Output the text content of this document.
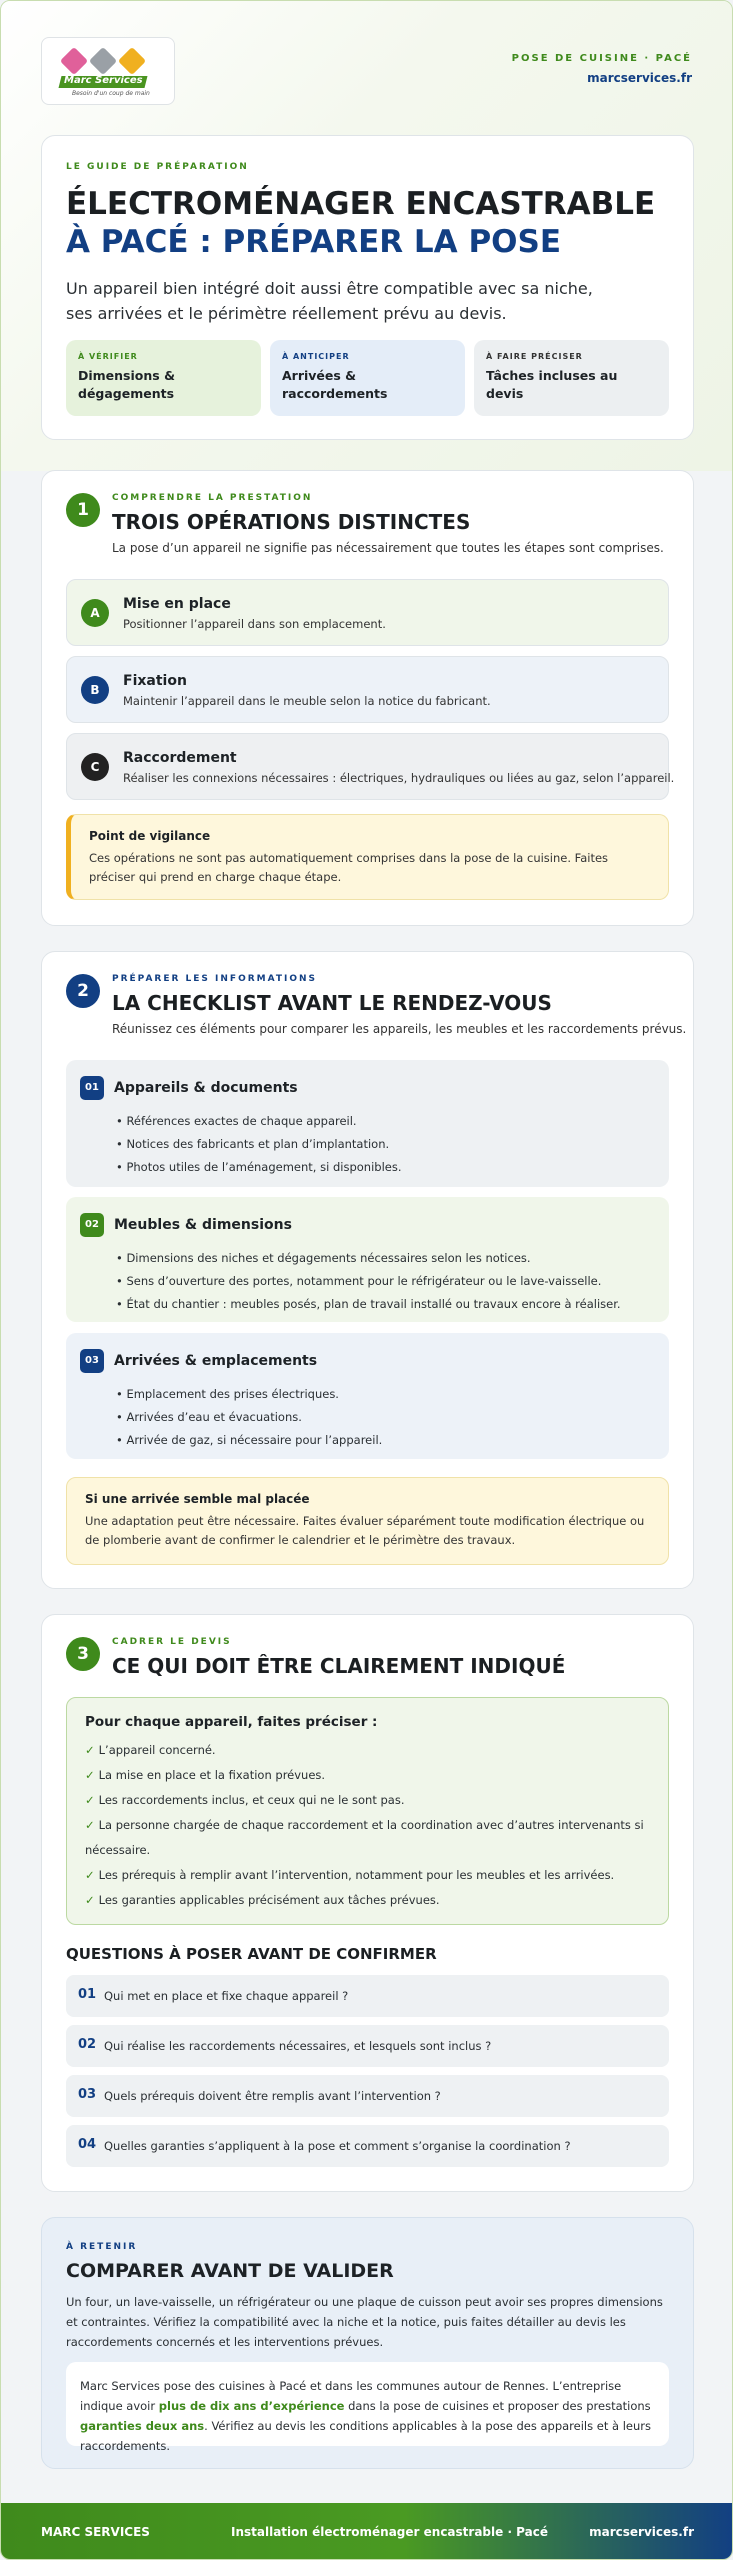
Marc Services
Besoin d'un coup de main
POSE DE CUISINE · PACÉ
marcservices.fr
LE GUIDE DE PRÉPARATION
ÉLECTROMÉNAGER ENCASTRABLE
À PACÉ : PRÉPARER LA POSE
Un appareil bien intégré doit aussi être compatible avec sa niche, ses arrivées et le périmètre réellement prévu au devis.
À VÉRIFIER
Dimensions & dégagements
À ANTICIPER
Arrivées & raccordements
À FAIRE PRÉCISER
Tâches incluses au devis
1
COMPRENDRE LA PRESTATION
TROIS OPÉRATIONS DISTINCTES
La pose d’un appareil ne signifie pas nécessairement que toutes les étapes sont comprises.
A
Mise en place
Positionner l’appareil dans son emplacement.
B
Fixation
Maintenir l’appareil dans le meuble selon la notice du fabricant.
C
Raccordement
Réaliser les connexions nécessaires : électriques, hydrauliques ou liées au gaz, selon l’appareil.
Point de vigilance
Ces opérations ne sont pas automatiquement comprises dans la pose de la cuisine. Faites préciser qui prend en charge chaque étape.
2
PRÉPARER LES INFORMATIONS
LA CHECKLIST AVANT LE RENDEZ-VOUS
Réunissez ces éléments pour comparer les appareils, les meubles et les raccordements prévus.
01	Appareils & documents
• Références exactes de chaque appareil.
• Notices des fabricants et plan d’implantation.
• Photos utiles de l’aménagement, si disponibles.
02	Meubles & dimensions
• Dimensions des niches et dégagements nécessaires selon les notices.
• Sens d’ouverture des portes, notamment pour le réfrigérateur ou le lave-vaisselle.
• État du chantier : meubles posés, plan de travail installé ou travaux encore à réaliser.
03	Arrivées & emplacements
• Emplacement des prises électriques.
• Arrivées d’eau et évacuations.
• Arrivée de gaz, si nécessaire pour l’appareil.
Si une arrivée semble mal placée
Une adaptation peut être nécessaire. Faites évaluer séparément toute modification électrique ou de plomberie avant de confirmer le calendrier et le périmètre des travaux.
3
CADRER LE DEVIS
CE QUI DOIT ÊTRE CLAIREMENT INDIQUÉ
Pour chaque appareil, faites préciser :
✓ L’appareil concerné.
✓ La mise en place et la fixation prévues.
✓ Les raccordements inclus, et ceux qui ne le sont pas.
✓ La personne chargée de chaque raccordement et la coordination avec d’autres intervenants si nécessaire.
✓ Les prérequis à remplir avant l’intervention, notamment pour les meubles et les arrivées.
✓ Les garanties applicables précisément aux tâches prévues.
QUESTIONS À POSER AVANT DE CONFIRMER
01 Qui met en place et fixe chaque appareil ?
02 Qui réalise les raccordements nécessaires, et lesquels sont inclus ?
03 Quels prérequis doivent être remplis avant l’intervention ?
04 Quelles garanties s’appliquent à la pose et comment s’organise la coordination ?
À RETENIR
COMPARER AVANT DE VALIDER
Un four, un lave-vaisselle, un réfrigérateur ou une plaque de cuisson peut avoir ses propres dimensions et contraintes. Vérifiez la compatibilité avec la niche et la notice, puis faites détailler au devis les raccordements concernés et les interventions prévues.
Marc Services pose des cuisines à Pacé et dans les communes autour de Rennes. L’entreprise indique avoir plus de dix ans d’expérience dans la pose de cuisines et proposer des prestations garanties deux ans. Vérifiez au devis les conditions applicables à la pose des appareils et à leurs raccordements.
MARC SERVICES	Installation électroménager encastrable · Pacé	marcservices.fr
